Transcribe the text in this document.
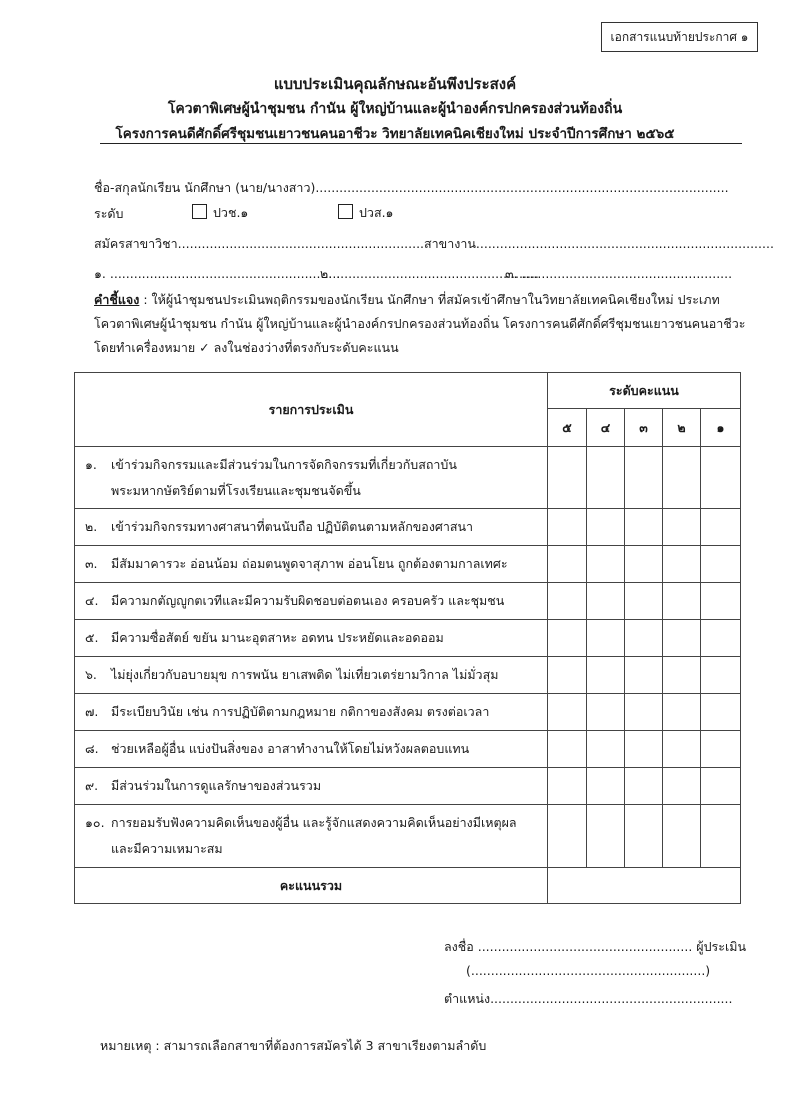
เอกสารแนบท้ายประกาศ ๑
แบบประเมินคุณลักษณะอันพึงประสงค์
โควตาพิเศษผู้นำชุมชน กำนัน ผู้ใหญ่บ้านและผู้นำองค์กรปกครองส่วนท้องถิ่น
โครงการคนดีศักดิ์ศรีชุมชนเยาวชนคนอาชีวะ วิทยาลัยเทคนิคเชียงใหม่ ประจำปีการศึกษา ๒๕๖๕
ชื่อ-สกุลนักเรียน นักศึกษา (นาย/นางสาว)........................................................................................................
ระดับ	ปวช.๑	ปวส.๑
สมัครสาขาวิชา..............................................................สาขางาน...........................................................................
๑. ..........................................................
๒. ...................................................
๓. .....................................................
คำชี้แจง : ให้ผู้นำชุมชนประเมินพฤติกรรมของนักเรียน นักศึกษา ที่สมัครเข้าศึกษาในวิทยาลัยเทคนิคเชียงใหม่ ประเภทโควตาพิเศษผู้นำชุมชน กำนัน ผู้ใหญ่บ้านและผู้นำองค์กรปกครองส่วนท้องถิ่น โครงการคนดีศักดิ์ศรีชุมชนเยาวชนคนอาชีวะ โดยทำเครื่องหมาย ✓ ลงในช่องว่างที่ตรงกับระดับคะแนน
รายการประเมิน	ระดับคะแนน				
	๕	๔	๓	๒	๑

๑. เข้าร่วมกิจกรรมและมีส่วนร่วมในการจัดกิจกรรมที่เกี่ยวกับสถาบัน
พระมหากษัตริย์ตามที่โรงเรียนและชุมชนจัดขึ้น					

๒. เข้าร่วมกิจกรรมทางศาสนาที่ตนนับถือ ปฏิบัติตนตามหลักของศาสนา					
๓. มีสัมมาคารวะ อ่อนน้อม ถ่อมตนพูดจาสุภาพ อ่อนโยน ถูกต้องตามกาลเทศะ					
๔. มีความกตัญญูกตเวทีและมีความรับผิดชอบต่อตนเอง ครอบครัว และชุมชน					
๕. มีความซื่อสัตย์ ขยัน มานะอุตสาหะ อดทน ประหยัดและอดออม					
๖. ไม่ยุ่งเกี่ยวกับอบายมุข การพนัน ยาเสพติด ไม่เที่ยวเตร่ยามวิกาล ไม่มั่วสุม					
๗. มีระเบียบวินัย เช่น การปฏิบัติตามกฎหมาย กติกาของสังคม ตรงต่อเวลา					
๘. ช่วยเหลือผู้อื่น แบ่งปันสิ่งของ อาสาทำงานให้โดยไม่หวังผลตอบแทน					
๙. มีส่วนร่วมในการดูแลรักษาของส่วนรวม					

๑๐. การยอมรับฟังความคิดเห็นของผู้อื่น และรู้จักแสดงความคิดเห็นอย่างมีเหตุผล
และมีความเหมาะสม					

คะแนนรวม					
ลงชื่อ ...................................................... ผู้ประเมิน
(...........................................................)
ตำแหน่ง.............................................................
หมายเหตุ : สามารถเลือกสาขาที่ต้องการสมัครได้ 3 สาขาเรียงตามลำดับ
